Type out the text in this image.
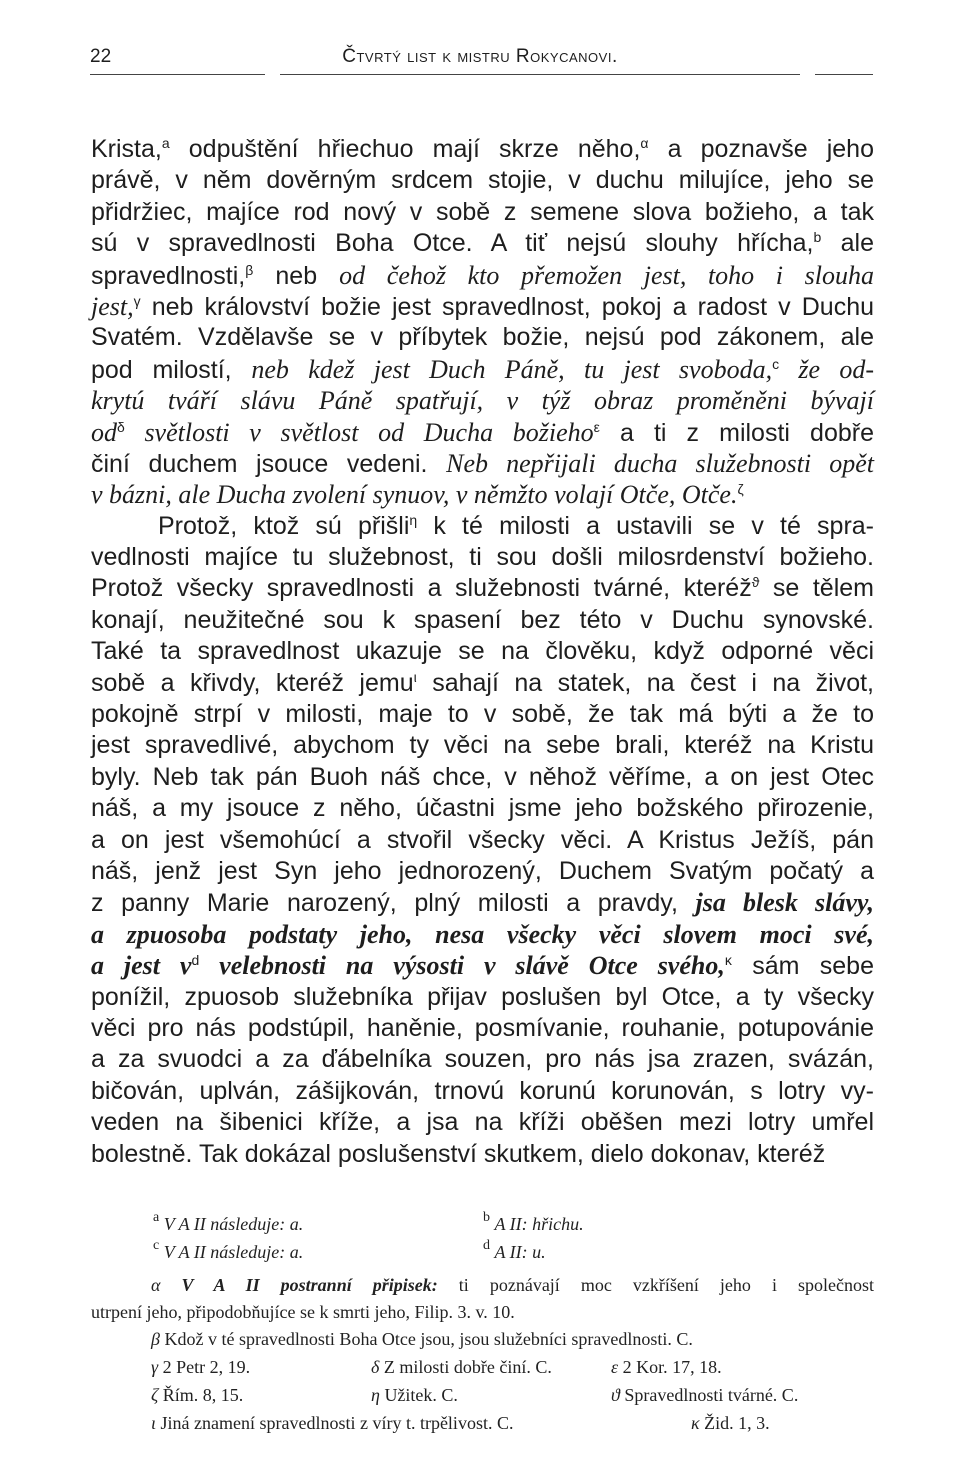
22	Čtvrtý list k mistru Rokycanovi.
Krista,$^a$ odpuštění hřiechuo mají skrze něho,$^\alpha$ a poznavše jeho
právě, v něm dověrným srdcem stojie, v duchu milujíce, jeho se
přidržiec, majíce rod nový v sobě z semene slova božieho, a tak
sú v spravedlnosti Boha Otce. A tiť nejsú slouhy hřícha,$^b$ ale
spravedlnosti,$^\beta$ neb od čehož kto přemožen jest, toho i slouha
jest,$^\gamma$ neb království božie jest spravedlnost, pokoj a radost v Duchu
Svatém. Vzdělavše se v příbytek božie, nejsú pod zákonem, ale
pod milostí, neb kdež jest Duch Páně, tu jest svoboda,$^c$ že od-
krytú tváří slávu Páně spatřují, v týž obraz proměněni bývají
$od^\delta$ světlosti v světlost od Ducha božieho$^\varepsilon$ a ti z milosti dobře
činí duchem jsouce vedeni. Neb nepřijali ducha služebnosti opět
v bázni, ale Ducha zvolení synuov, v němžto volají Otče, Otče.$^\zeta$
Protož, ktož sú přišli$^\eta$ k té milosti a ustavili se v té spra-
vedlnosti majíce tu služebnost, ti sou došli milosrdenství božieho.
Protož všecky spravedlnosti a služebnosti tvárné, kteréž$^ϑ$ se tělem
konají, neužitečné sou k spasení bez této v Duchu synovské.
Také ta spravedlnost ukazuje se na člověku, když odporné věci
sobě a křivdy, kteréž jemu$^\iota$ sahají na statek, na čest i na život,
pokojně strpí v milosti, maje to v sobě, že tak má býti a že to
jest spravedlivé, abychom ty věci na sebe brali, kteréž na Kristu
byly. Neb tak pán Buoh náš chce, v něhož věříme, a on jest Otec
náš, a my jsouce z něho, účastni jsme jeho božského přirozenie,
a on jest všemohúcí a stvořil všecky věci. A Kristus Ježíš, pán
náš, jenž jest Syn jeho jednorozený, Duchem Svatým počatý a
z panny Marie narozený, plný milosti a pravdy, jsa blesk slávy,
a zpuosoba podstaty jeho, nesa všecky věci slovem moci své,
a jest $v^d$ velebnosti na výsosti v slávě Otce svého,$^\kappa$ sám sebe
ponížil, zpuosob služebníka přijav poslušen byl Otce, a ty všecky
věci pro nás podstúpil, haněnie, posmívanie, rouhanie, potupovánie
a za svuodci a za ďábelníka souzen, pro nás jsa zrazen, svázán,
bičován, uplván, zášijkován, trnovú korunú korunován, s lotry vy-
veden na šibenici kříže, a jsa na kříži oběšen mezi lotry umřel
bolestně. Tak dokázal poslušenství skutkem, dielo dokonav, kteréž
$^a$ V A II následuje: a.	$^b$ A II: hřichu.
$^c$ V A II následuje: a.	$^d$ A II: u.
α V A II postranní připisek: ti poznávají moc vzkříšení jeho i společnost
utrpení jeho, připodobňujíce se k smrti jeho, Filip. 3. v. 10.
β Kdož v té spravedlnosti Boha Otce jsou, jsou služebníci spravedlnosti. C.
γ 2 Petr 2, 19.	δ Z milosti dobře činí. C.	ε 2 Kor. 17, 18.
ζ Řím. 8, 15.	η Užitek. C.	ϑ Spravedlnosti tvárné. C.
ι Jiná znamení spravedlnosti z víry t. trpělivost. C.	κ Žid. 1, 3.
